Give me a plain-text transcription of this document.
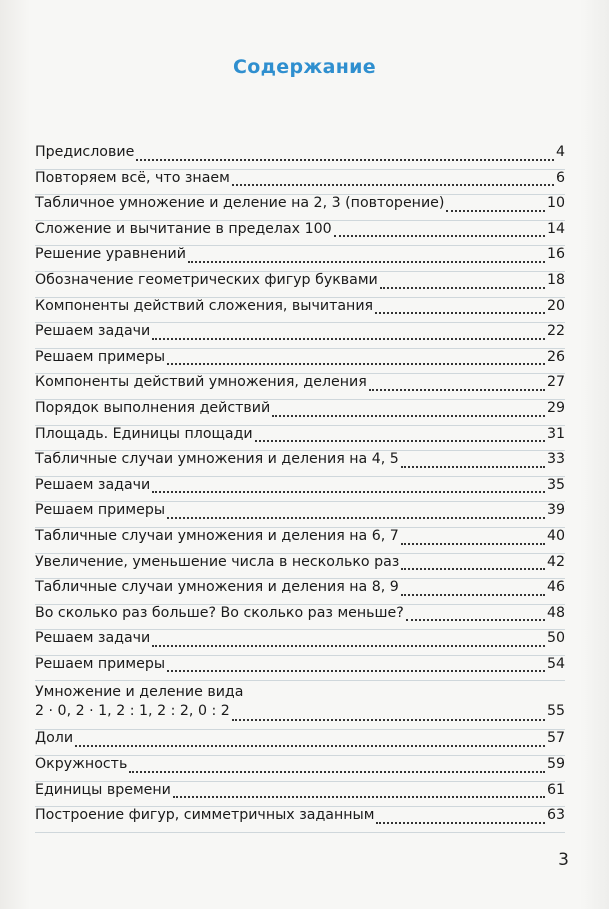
Содержание
Предисловие	4
Повторяем всё, что знаем	6
Табличное умножение и деление на 2, 3 (повторение)	10
Сложение и вычитание в пределах 100	14
Решение уравнений	16
Обозначение геометрических фигур буквами	18
Компоненты действий сложения, вычитания	20
Решаем задачи	22
Решаем примеры	26
Компоненты действий умножения, деления	27
Порядок выполнения действий	29
Площадь. Единицы площади	31
Табличные случаи умножения и деления на 4, 5	33
Решаем задачи	35
Решаем примеры	39
Табличные случаи умножения и деления на 6, 7	40
Увеличение, уменьшение числа в несколько раз	42
Табличные случаи умножения и деления на 8, 9	46
Во сколько раз больше? Во сколько раз меньше?	48
Решаем задачи	50
Решаем примеры	54
Умножение и деление вида
2 · 0, 2 · 1, 2 : 1, 2 : 2, 0 : 2	55
Доли	57
Окружность	59
Единицы времени	61
Построение фигур, симметричных заданным	63
3
